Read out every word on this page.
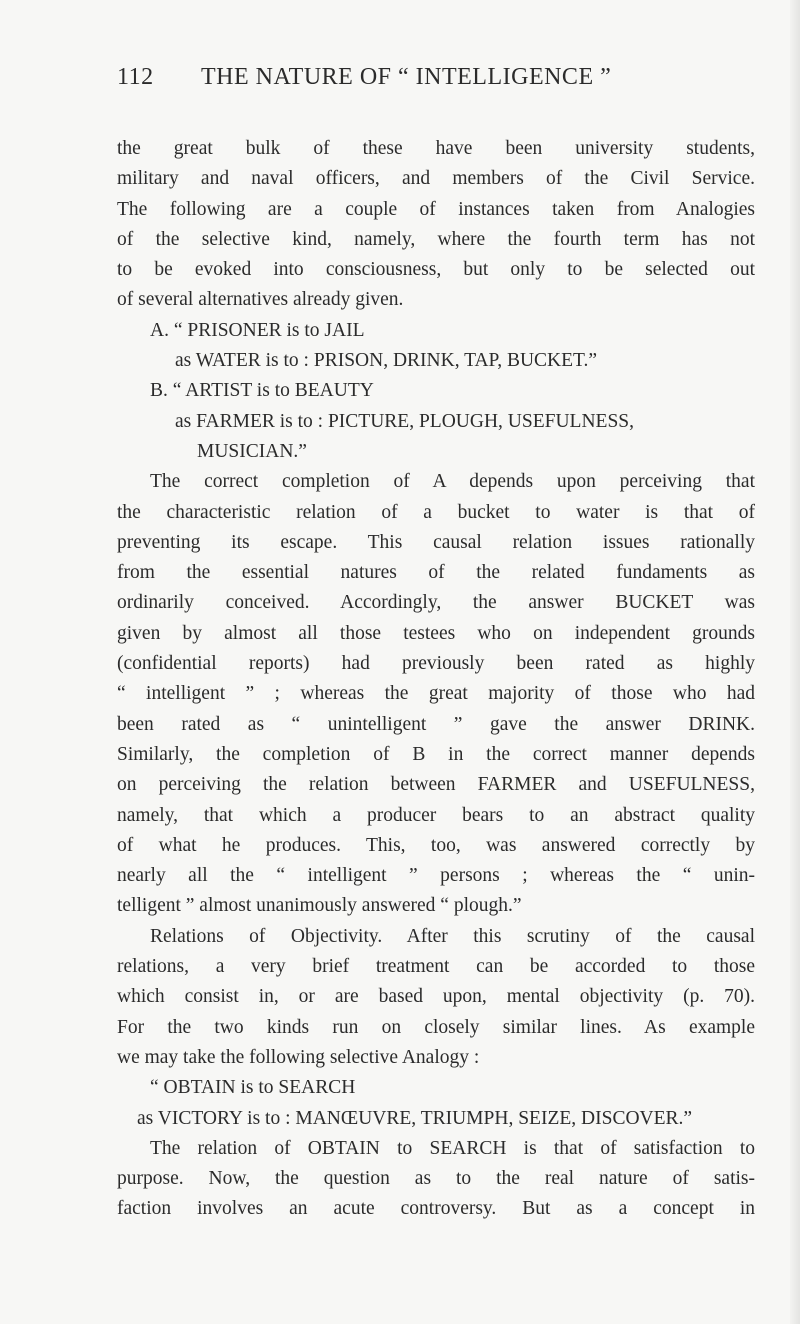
112 THE NATURE OF “ INTELLIGENCE ”
the great bulk of these have been university students,
military and naval officers, and members of the Civil Service.
The following are a couple of instances taken from Analogies
of the selective kind, namely, where the fourth term has not
to be evoked into consciousness, but only to be selected out
of several alternatives already given.
A. “ PRISONER is to JAIL
as WATER is to : PRISON, DRINK, TAP, BUCKET.”
B. “ ARTIST is to BEAUTY
as FARMER is to : PICTURE, PLOUGH, USEFULNESS,
MUSICIAN.”
The correct completion of A depends upon perceiving that
the characteristic relation of a bucket to water is that of
preventing its escape. This causal relation issues rationally
from the essential natures of the related fundaments as
ordinarily conceived. Accordingly, the answer BUCKET was
given by almost all those testees who on independent grounds
(confidential reports) had previously been rated as highly
“ intelligent ” ; whereas the great majority of those who had
been rated as “ unintelligent ” gave the answer DRINK.
Similarly, the completion of B in the correct manner depends
on perceiving the relation between FARMER and USEFULNESS,
namely, that which a producer bears to an abstract quality
of what he produces. This, too, was answered correctly by
nearly all the “ intelligent ” persons ; whereas the “ unin-
telligent ” almost unanimously answered “ plough.”
Relations of Objectivity. After this scrutiny of the causal
relations, a very brief treatment can be accorded to those
which consist in, or are based upon, mental objectivity (p. 70).
For the two kinds run on closely similar lines. As example
we may take the following selective Analogy :
“ OBTAIN is to SEARCH
as VICTORY is to : MANŒUVRE, TRIUMPH, SEIZE, DISCOVER.”
The relation of OBTAIN to SEARCH is that of satisfaction to
purpose. Now, the question as to the real nature of satis-
faction involves an acute controversy. But as a concept in
